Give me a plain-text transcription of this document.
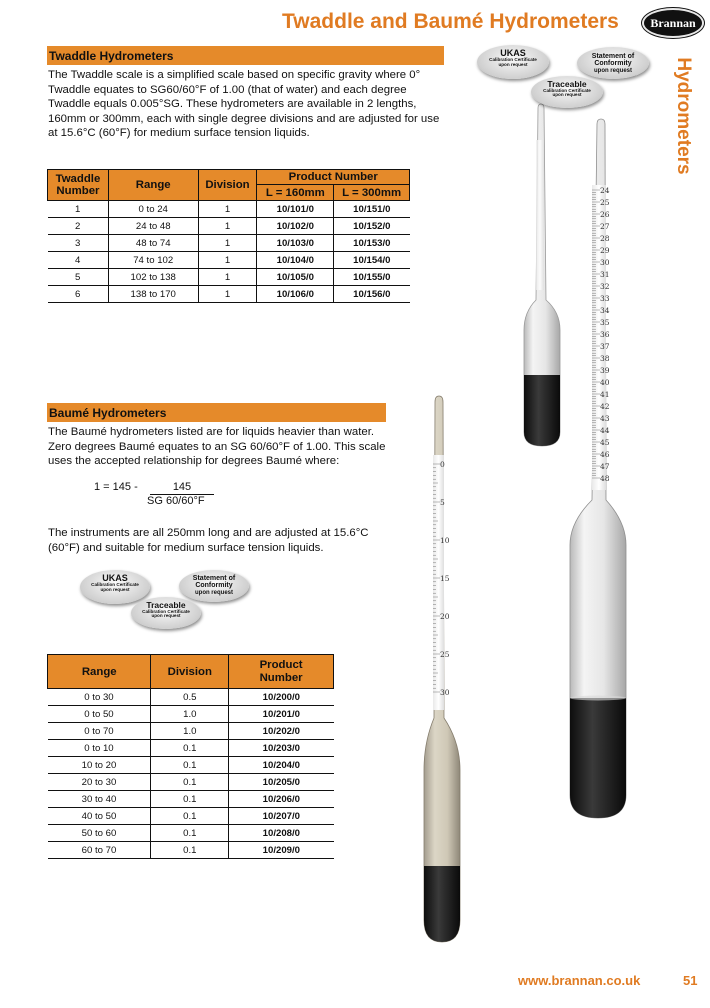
Twaddle and Baumé Hydrometers	Brannan
Hydrometers
24
25
26
27
28
29
30
31
32
33
34
35
36
37
38
39
40
41
42
43
44
45
46
47
48
0
5
10
15
20
25
30
Twaddle Hydrometers
The Twaddle scale is a simplified scale based on specific gravity where 0° Twaddle equates to SG60/60°F of 1.00 (that of water) and each degree Twaddle equals 0.005°SG. These hydrometers are available in 2 lengths, 160mm or 300mm, each with single degree divisions and are adjusted for use at 15.6°C (60°F) for medium surface tension liquids.
Twaddle Number	Range	Division	Product Number	
			L = 160mm	L = 300mm
1	0 to 24	1	10/101/0	10/151/0
2	24 to 48	1	10/102/0	10/152/0
3	48 to 74	1	10/103/0	10/153/0
4	74 to 102	1	10/104/0	10/154/0
5	102 to 138	1	10/105/0	10/155/0
6	138 to 170	1	10/106/0	10/156/0
UKAS
Calibration Certificate upon request
Statement of Conformity
upon request
Traceable
Calibration Certificate upon request
Baumé Hydrometers
The Baumé hydrometers listed are for liquids heavier than water. Zero degrees Baumé equates to an SG 60/60°F of 1.00. This scale uses the accepted relationship for degrees Baumé where:
1 = 145 -	145
SG 60/60°F
The instruments are all 250mm long and are adjusted at 15.6°C (60°F) and suitable for medium surface tension liquids.
UKAS
Calibration Certificate upon request
Statement of Conformity
upon request
Traceable
Calibration Certificate upon request
Range	Division	Product Number
0 to 30	0.5	10/200/0
0 to 50	1.0	10/201/0
0 to 70	1.0	10/202/0
0 to 10	0.1	10/203/0
10 to 20	0.1	10/204/0
20 to 30	0.1	10/205/0
30 to 40	0.1	10/206/0
40 to 50	0.1	10/207/0
50 to 60	0.1	10/208/0
60 to 70	0.1	10/209/0
www.brannan.co.uk	51
